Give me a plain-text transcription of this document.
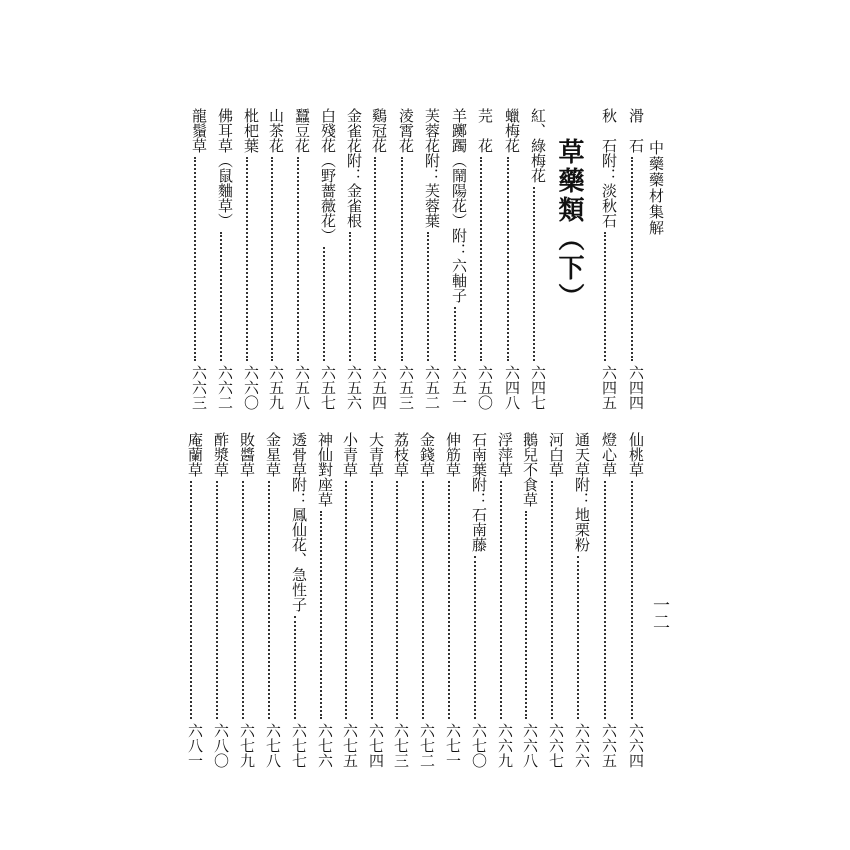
中藥藥材集解
一二
草藥類（下）
滑　石
六四四
秋　石附：淡秋石
六四五
紅、綠梅花
六四七
蠟梅花
六四八
芫　花
六五〇
羊躑躅（鬧陽花）附：六軸子
六五一
芙蓉花附：芙蓉葉
六五二
淩霄花
六五三
鷄冠花
六五四
金雀花附：金雀根
六五六
白殘花（野薔薇花）
六五七
蠶豆花
六五八
山茶花
六五九
枇杷葉
六六〇
佛耳草（鼠麯草）
六六二
龍鬚草
六六三
仙桃草
六六四
燈心草
六六五
通天草附：地栗粉
六六六
河白草
六六七
鵝兒不食草
六六八
浮萍草
六六九
石南葉附：石南藤
六七〇
伸筋草
六七一
金錢草
六七二
荔枝草
六七三
大青草
六七四
小青草
六七五
神仙對座草
六七六
透骨草附：鳳仙花、急性子
六七七
金星草
六七八
敗醬草
六七九
酢漿草
六八〇
庵蘭草
六八一
